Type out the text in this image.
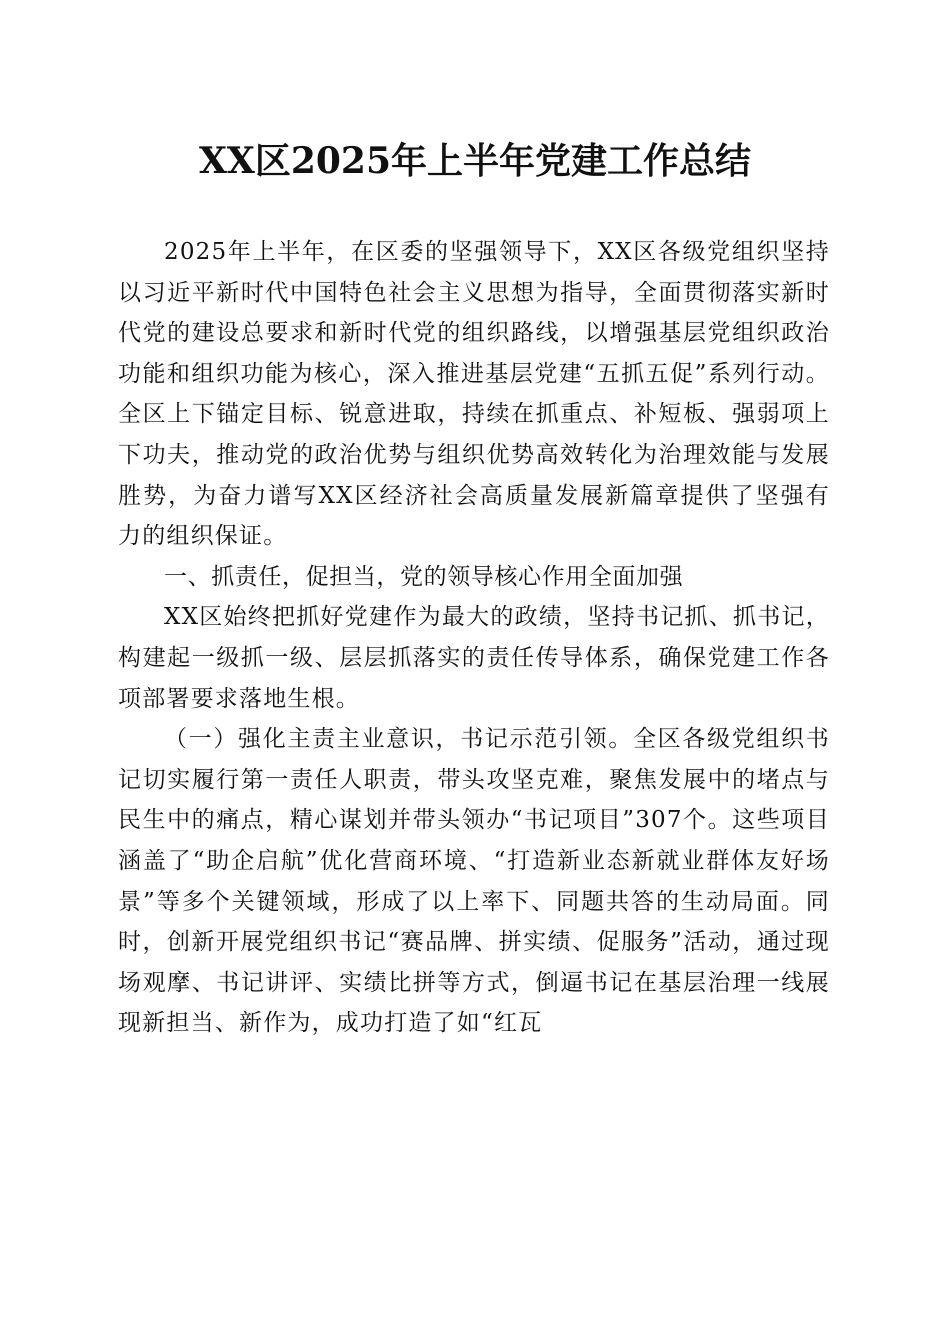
XX区2025年上半年党建工作总结

2025年上半年，在区委的坚强领导下，XX区各级党组织坚持以习近平新时代中国特色社会主义思想为指导，全面贯彻落实新时代党的建设总要求和新时代党的组织路线，以增强基层党组织政治功能和组织功能为核心，深入推进基层党建“五抓五促”系列行动。全区上下锚定目标、锐意进取，持续在抓重点、补短板、强弱项上下功夫，推动党的政治优势与组织优势高效转化为治理效能与发展胜势，为奋力谱写XX区经济社会高质量发展新篇章提供了坚强有力的组织保证。

一、抓责任，促担当，党的领导核心作用全面加强

XX区始终把抓好党建作为最大的政绩，坚持书记抓、抓书记，构建起一级抓一级、层层抓落实的责任传导体系，确保党建工作各项部署要求落地生根。

（一）强化主责主业意识，书记示范引领。全区各级党组织书记切实履行第一责任人职责，带头攻坚克难，聚焦发展中的堵点与民生中的痛点，精心谋划并带头领办“书记项目”307个。这些项目涵盖了“助企启航”优化营商环境、“打造新业态新就业群体友好场景”等多个关键领域，形成了以上率下、同题共答的生动局面。同时，创新开展党组织书记“赛品牌、拼实绩、促服务”活动，通过现场观摩、书记讲评、实绩比拼等方式，倒逼书记在基层治理一线展现新担当、新作为，成功打造了如“红瓦
